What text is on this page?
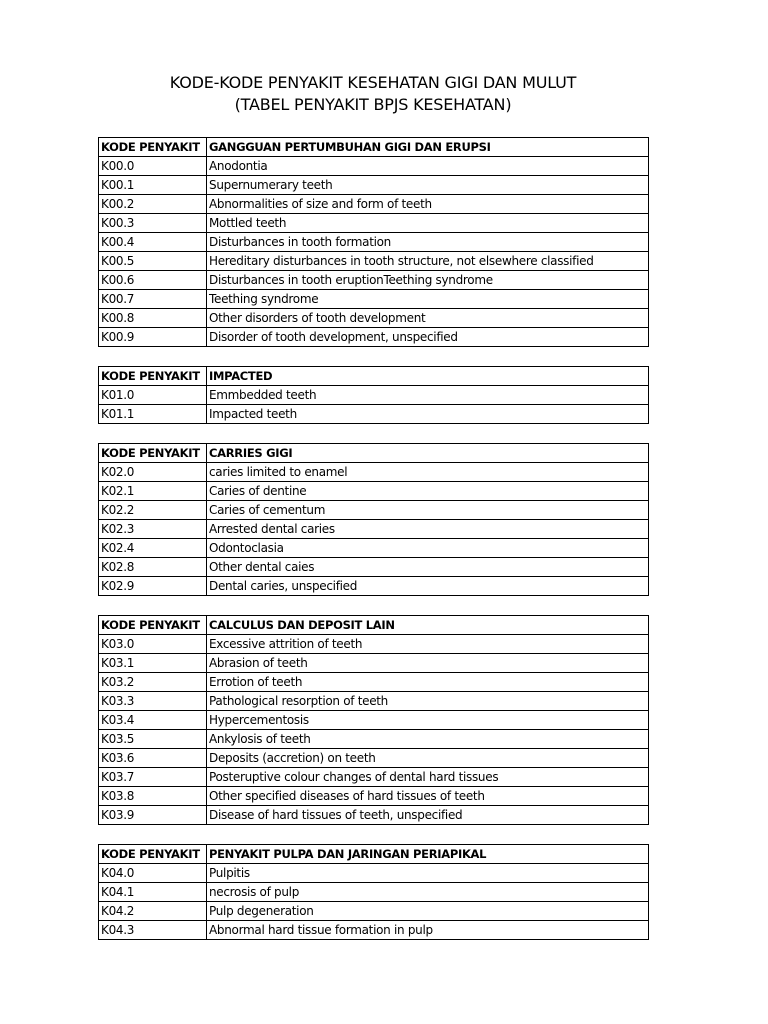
KODE-KODE PENYAKIT KESEHATAN GIGI DAN MULUT
(TABEL PENYAKIT BPJS KESEHATAN)
KODE PENYAKIT	GANGGUAN PERTUMBUHAN GIGI DAN ERUPSI
K00.0	Anodontia
K00.1	Supernumerary teeth
K00.2	Abnormalities of size and form of teeth
K00.3	Mottled teeth
K00.4	Disturbances in tooth formation
K00.5	Hereditary disturbances in tooth structure, not elsewhere classified
K00.6	Disturbances in tooth eruptionTeething syndrome
K00.7	Teething syndrome
K00.8	Other disorders of tooth development
K00.9	Disorder of tooth development, unspecified
KODE PENYAKIT	IMPACTED
K01.0	Emmbedded teeth
K01.1	Impacted teeth
KODE PENYAKIT	CARRIES GIGI
K02.0	caries limited to enamel
K02.1	Caries of dentine
K02.2	Caries of cementum
K02.3	Arrested dental caries
K02.4	Odontoclasia
K02.8	Other dental caies
K02.9	Dental caries, unspecified
KODE PENYAKIT	CALCULUS DAN DEPOSIT LAIN
K03.0	Excessive attrition of teeth
K03.1	Abrasion of teeth
K03.2	Errotion of teeth
K03.3	Pathological resorption of teeth
K03.4	Hypercementosis
K03.5	Ankylosis of teeth
K03.6	Deposits (accretion) on teeth
K03.7	Posteruptive colour changes of dental hard tissues
K03.8	Other specified diseases of hard tissues of teeth
K03.9	Disease of hard tissues of teeth, unspecified
KODE PENYAKIT	PENYAKIT PULPA DAN JARINGAN PERIAPIKAL
K04.0	Pulpitis
K04.1	necrosis of pulp
K04.2	Pulp degeneration
K04.3	Abnormal hard tissue formation in pulp
